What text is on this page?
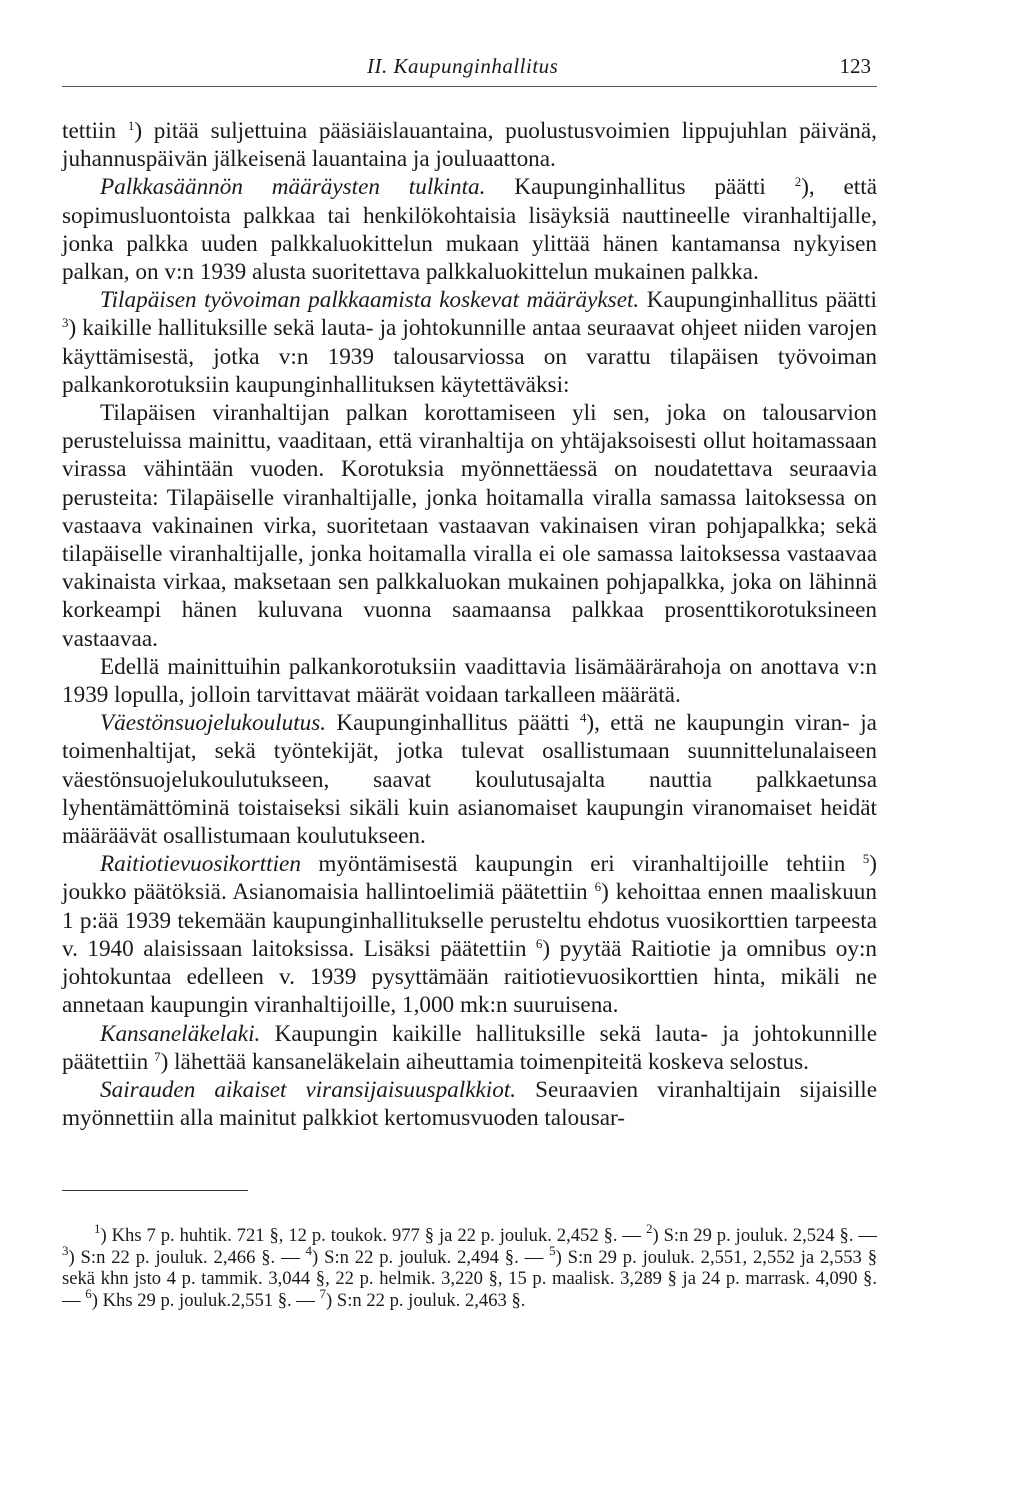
II. Kaupunginhallitus	123

tettiin $^1$) pitää suljettuina pääsiäislauantaina, puolustusvoimien lippujuhlan päivänä, juhannuspäivän jälkeisenä lauantaina ja jouluaattona.

Palkkasäännön määräysten tulkinta. Kaupunginhallitus päätti $^2$), että sopimusluontoista palkkaa tai henkilökohtaisia lisäyksiä nauttineelle viranhaltijalle, jonka palkka uuden palkkaluokittelun mukaan ylittää hänen kantamansa nykyisen palkan, on v:n 1939 alusta suoritettava palkkaluokittelun mukainen palkka.

Tilapäisen työvoiman palkkaamista koskevat määräykset. Kaupunginhallitus päätti $^3$) kaikille hallituksille sekä lauta- ja johtokunnille antaa seuraavat ohjeet niiden varojen käyttämisestä, jotka v:n 1939 talousarviossa on varattu tilapäisen työvoiman palkankorotuksiin kaupunginhallituksen käytettäväksi:

Tilapäisen viranhaltijan palkan korottamiseen yli sen, joka on talousarvion perusteluissa mainittu, vaaditaan, että viranhaltija on yhtäjaksoisesti ollut hoitamassaan virassa vähintään vuoden. Korotuksia myönnettäessä on noudatettava seuraavia perusteita: Tilapäiselle viranhaltijalle, jonka hoitamalla viralla samassa laitoksessa on vastaava vakinainen virka, suoritetaan vastaavan vakinaisen viran pohjapalkka; sekä tilapäiselle viranhaltijalle, jonka hoitamalla viralla ei ole samassa laitoksessa vastaavaa vakinaista virkaa, maksetaan sen palkkaluokan mukainen pohjapalkka, joka on lähinnä korkeampi hänen kuluvana vuonna saamaansa palkkaa prosenttikorotuksineen vastaavaa.

Edellä mainittuihin palkankorotuksiin vaadittavia lisämäärärahoja on anottava v:n 1939 lopulla, jolloin tarvittavat määrät voidaan tarkalleen määrätä.

Väestönsuojelukoulutus. Kaupunginhallitus päätti $^4$), että ne kaupungin viran- ja toimenhaltijat, sekä työntekijät, jotka tulevat osallistumaan suunnittelunalaiseen väestönsuojelukoulutukseen, saavat koulutusajalta nauttia palkkaetunsa lyhentämättöminä toistaiseksi sikäli kuin asianomaiset kaupungin viranomaiset heidät määräävät osallistumaan koulutukseen.

Raitiotievuosikorttien myöntämisestä kaupungin eri viranhaltijoille tehtiin $^5$) joukko päätöksiä. Asianomaisia hallintoelimiä päätettiin $^6$) kehoittaa ennen maaliskuun 1 p:ää 1939 tekemään kaupunginhallitukselle perusteltu ehdotus vuosikorttien tarpeesta v. 1940 alaisissaan laitoksissa. Lisäksi päätettiin $^6$) pyytää Raitiotie ja omnibus oy:n johtokuntaa edelleen v. 1939 pysyttämään raitiotievuosikorttien hinta, mikäli ne annetaan kaupungin viranhaltijoille, 1,000 mk:n suuruisena.

Kansaneläkelaki. Kaupungin kaikille hallituksille sekä lauta- ja johtokunnille päätettiin $^7$) lähettää kansaneläkelain aiheuttamia toimenpiteitä koskeva selostus.

Sairauden aikaiset viransijaisuuspalkkiot. Seuraavien viranhaltijain sijaisille myönnettiin alla mainitut palkkiot kertomusvuoden talousar-

$^1$) Khs 7 p. huhtik. 721 §, 12 p. toukok. 977 § ja 22 p. jouluk. 2,452 §. — $^2$) S:n 29 p. jouluk. 2,524 §. — $^3$) S:n 22 p. jouluk. 2,466 §. — $^4$) S:n 22 p. jouluk. 2,494 §. — $^5$) S:n 29 p. jouluk. 2,551, 2,552 ja 2,553 § sekä khn jsto 4 p. tammik. 3,044 §, 22 p. helmik. 3,220 §, 15 p. maalisk. 3,289 § ja 24 p. marrask. 4,090 §. — $^6$) Khs 29 p. jouluk.2,551 §. — $^7$) S:n 22 p. jouluk. 2,463 §.
